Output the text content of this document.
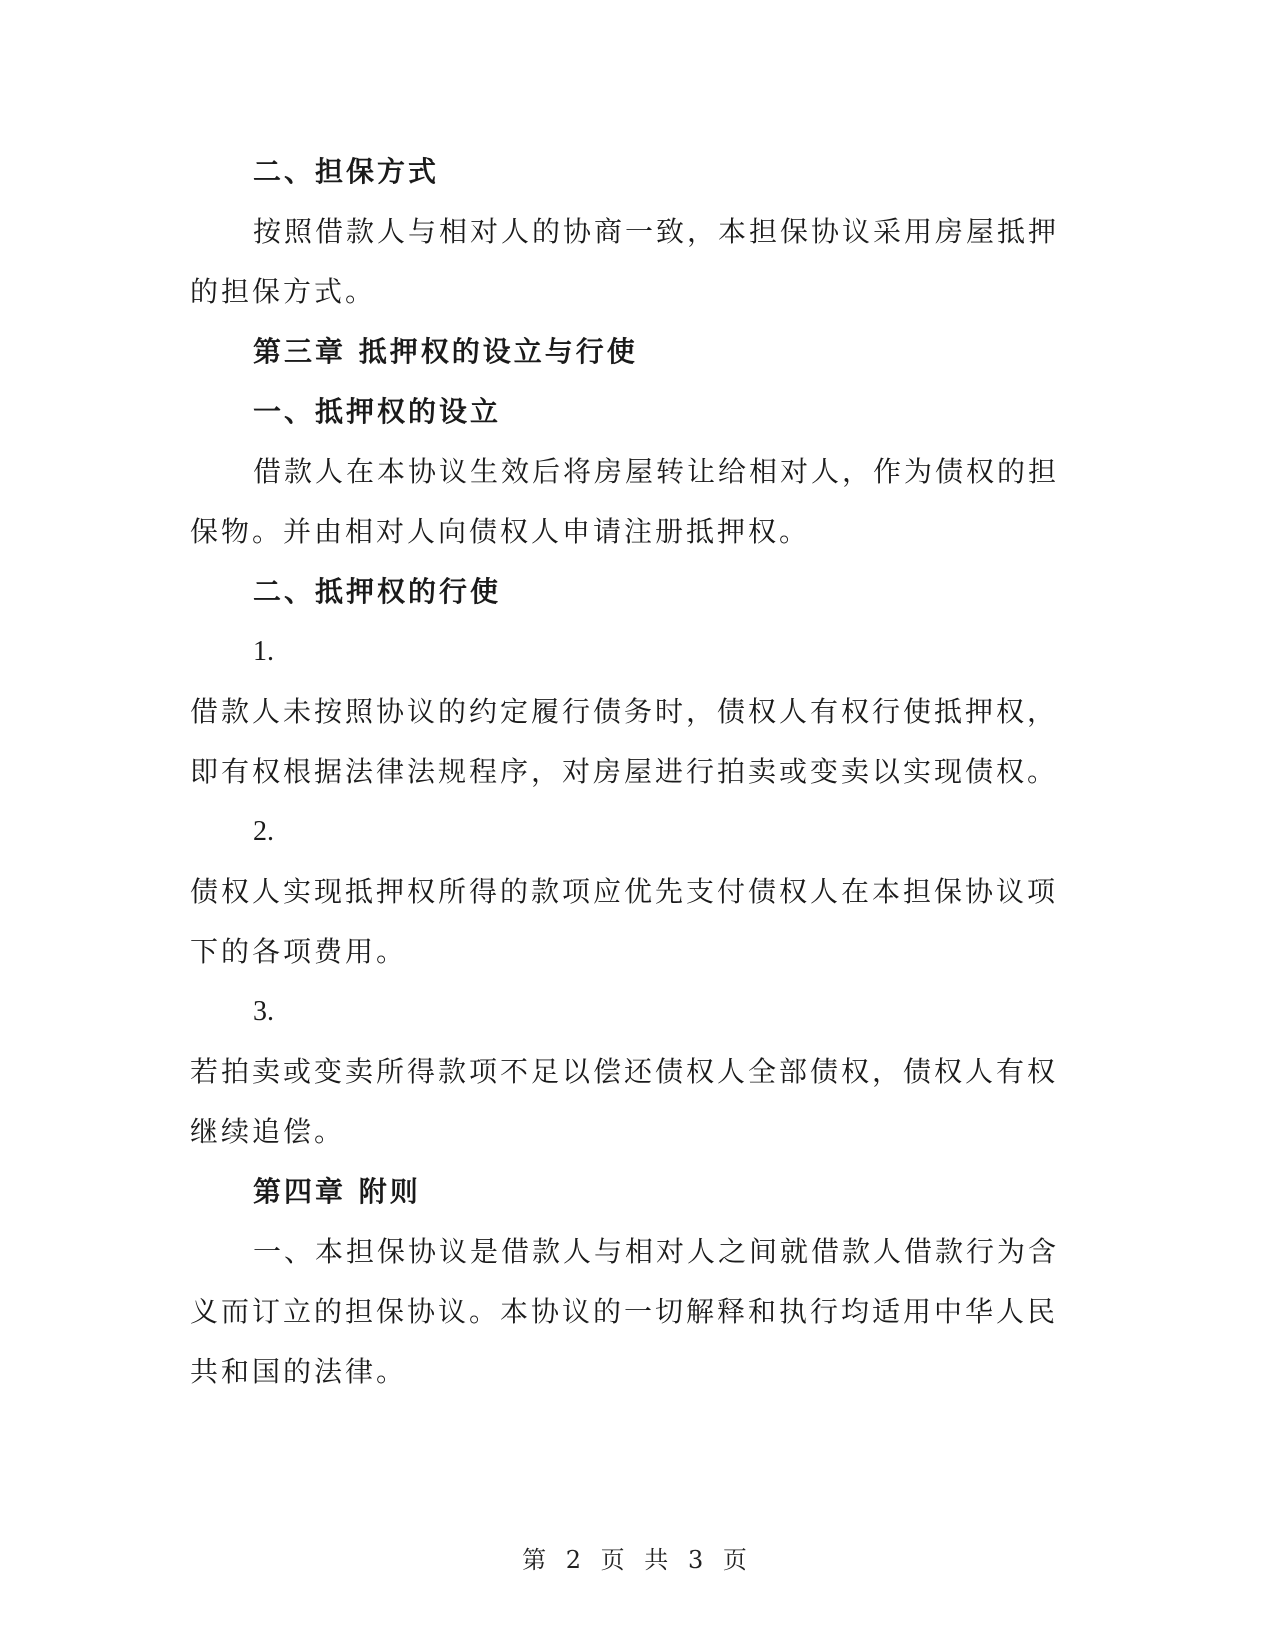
二、担保方式
按照借款人与相对人的协商一致，本担保协议采用房屋抵押
的担保方式。
第三章 抵押权的设立与行使
一、抵押权的设立
借款人在本协议生效后将房屋转让给相对人，作为债权的担
保物。并由相对人向债权人申请注册抵押权。
二、抵押权的行使
1.
借款人未按照协议的约定履行债务时，债权人有权行使抵押权，
即有权根据法律法规程序，对房屋进行拍卖或变卖以实现债权。
2.
债权人实现抵押权所得的款项应优先支付债权人在本担保协议项
下的各项费用。
3.
若拍卖或变卖所得款项不足以偿还债权人全部债权，债权人有权
继续追偿。
第四章 附则
一、本担保协议是借款人与相对人之间就借款人借款行为含
义而订立的担保协议。本协议的一切解释和执行均适用中华人民
共和国的法律。
第 2 页 共 3 页
